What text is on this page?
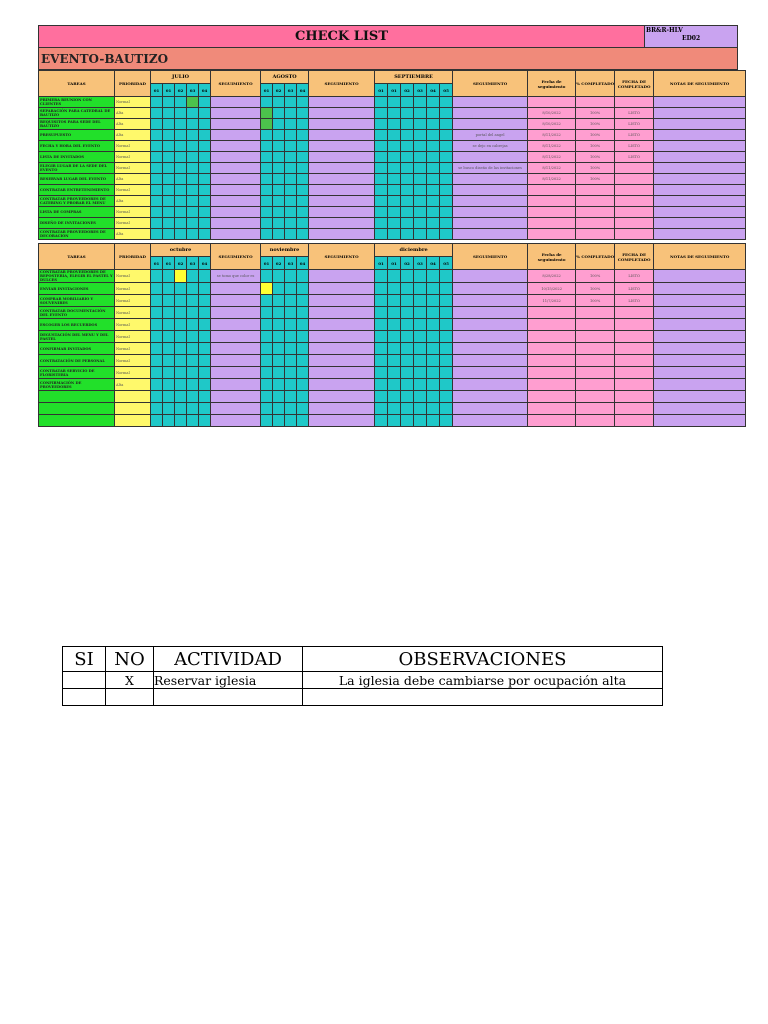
CHECK LIST	BR&R-HLV
ED02
EVENTO-BAUTIZO
TAREAS	PRIORIDAD	JULIO					SEGUIMIENTO	AGOSTO				SEGUIMIENTO	SEPTIEMBRE						SEGUIMIENTO	Fecha de seguimiento	% COMPLETADO	FECHA DE COMPLETADO	NOTAS DE SEGUIMIENTO
		01	01	02	03	04		01	02	03	04		01	01	02	03	04	05					
PRIMERA REUNION CON CLIENTES	Normal																						
SEPARACIÓN PARA CATEDRAL DE BAUTIZO	Alta																			8/10/2022	100%	LISTO	
REQUISITOS PARA SEDE DEL BAUTIZO	Alta																			8/10/2022	100%	LISTO	
PRESUPUESTO	Alta																		portal del angel	8/11/2022	100%	LISTO	
FECHA Y HORA DEL EVENTO	Normal																		se dejo en cabrejas	8/11/2022	100%	LISTO	
LISTA DE INVITADOS	Normal																			8/11/2022	100%	LISTO	
ELEGIR LUGAR DE LA SEDE DEL EVENTO	Normal																		se busco diseño de las invitaciones	8/11/2022	100%		
RESERVAR LUGAR DEL EVENTO	Alta																			8/11/2022	100%		
CONTRATAR ENTRETENIMIENTO	Normal																						
CONTRATAR PROVEEDORES DE CATERING Y PROBAR EL MENU	Alta																						
LISTA DE COMPRAS	Normal																						
DISEÑO DE INVITACIONES	Normal																						
CONTRATAR PROVEEDORES DE DECORACION	Alta																						
TAREAS	PRIORIDAD	octubre					SEGUIMIENTO	noviembre				SEGUIMIENTO	diciembre						SEGUIMIENTO	Fecha de seguimiento	% COMPLETADO	FECHA DE COMPLETADO	NOTAS DE SEGUIMIENTO
		01	01	02	03	04		01	02	03	04		01	01	02	03	04	05					
CONTRATAR PROVEEDORES DE REPOSTERIA, ELEGIR EL PASTEL Y DULCES	Normal						se tomo que color es													8/28/2022	100%	LISTO	
ENVIAR INVITACIONES	Normal																			10/15/2022	100%	LISTO	
COMPRAR MOBILIARIO Y SOUVENIRES	Normal																			11/7/2022	100%	LISTO	
CONTRATAR DOCUMENTACIÓN DEL EVENTO	Normal																						
ESCOGER LOS RECUERDOS	Normal																						
DEGUSTACIÓN DEL MENU Y DEL PASTEL	Normal																						
CONFIRMAR INVITADOS	Normal																						
CONTRATACIÓN DE PERSONAL	Normal																						
CONTRATAR SERVICIO DE FLORISTERIA	Normal																						
CONFIRMACIÓN DE PROVEEDORES	Alta																						

SI	NO	ACTIVIDAD	OBSERVACIONES
	X	Reservar iglesia	La iglesia debe cambiarse por ocupación alta
